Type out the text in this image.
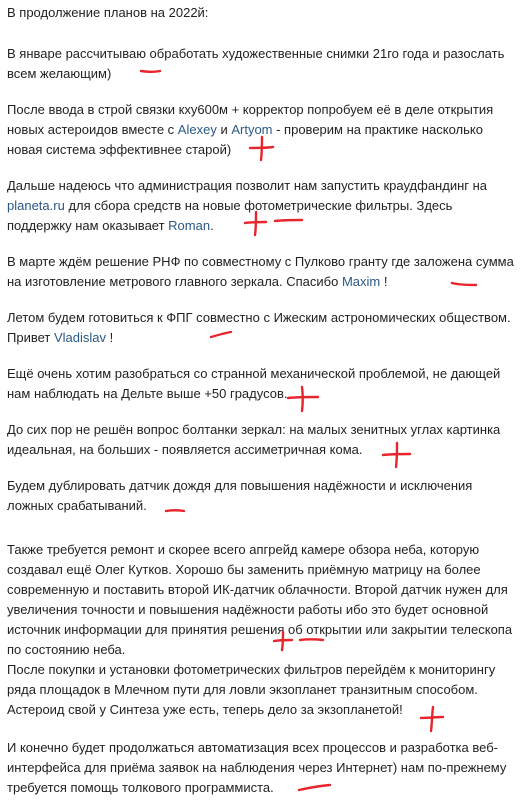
В продолжение планов на 2022й:
В январе рассчитываю обработать художественные снимки 21го года и разослать всем желающим)
После ввода в строй связки кху600м + корректор попробуем её в деле открытия новых астероидов вместе с Alexey и Artyom - проверим на практике насколько новая система эффективнее старой)
Дальше надеюсь что администрация позволит нам запустить краудфандинг на planeta.ru для сбора средств на новые фотометрические фильтры. Здесь поддержку нам оказывает Roman.
В марте ждём решение РНФ по совместному с Пулково гранту где заложена сумма на изготовление метрового главного зеркала. Спасибо Maxim !
Летом будем готовиться к ФПГ совместно с Ижеским астрономических обществом. Привет Vladislav !
Ещё очень хотим разобраться со странной механической проблемой, не дающей нам наблюдать на Дельте выше +50 градусов.
До сих пор не решён вопрос болтанки зеркал: на малых зенитных углах картинка идеальная, на больших - появляется ассиметричная кома.
Будем дублировать датчик дождя для повышения надёжности и исключения ложных срабатываний.
Также требуется ремонт и скорее всего апгрейд камере обзора неба, которую создавал ещё Олег Кутков. Хорошо бы заменить приёмную матрицу на более современную и поставить второй ИК-датчик облачности. Второй датчик нужен для увеличения точности и повышения надёжности работы ибо это будет основной источник информации для принятия решения об открытии или закрытии телескопа по состоянию неба.
После покупки и установки фотометрических фильтров перейдём к мониторингу ряда площадок в Млечном пути для ловли экзопланет транзитным способом. Астероид свой у Синтеза уже есть, теперь дело за экзопланетой!
И конечно будет продолжаться автоматизация всех процессов и разработка веб-интерфейса для приёма заявок на наблюдения через Интернет) нам по-прежнему требуется помощь толкового программиста.
